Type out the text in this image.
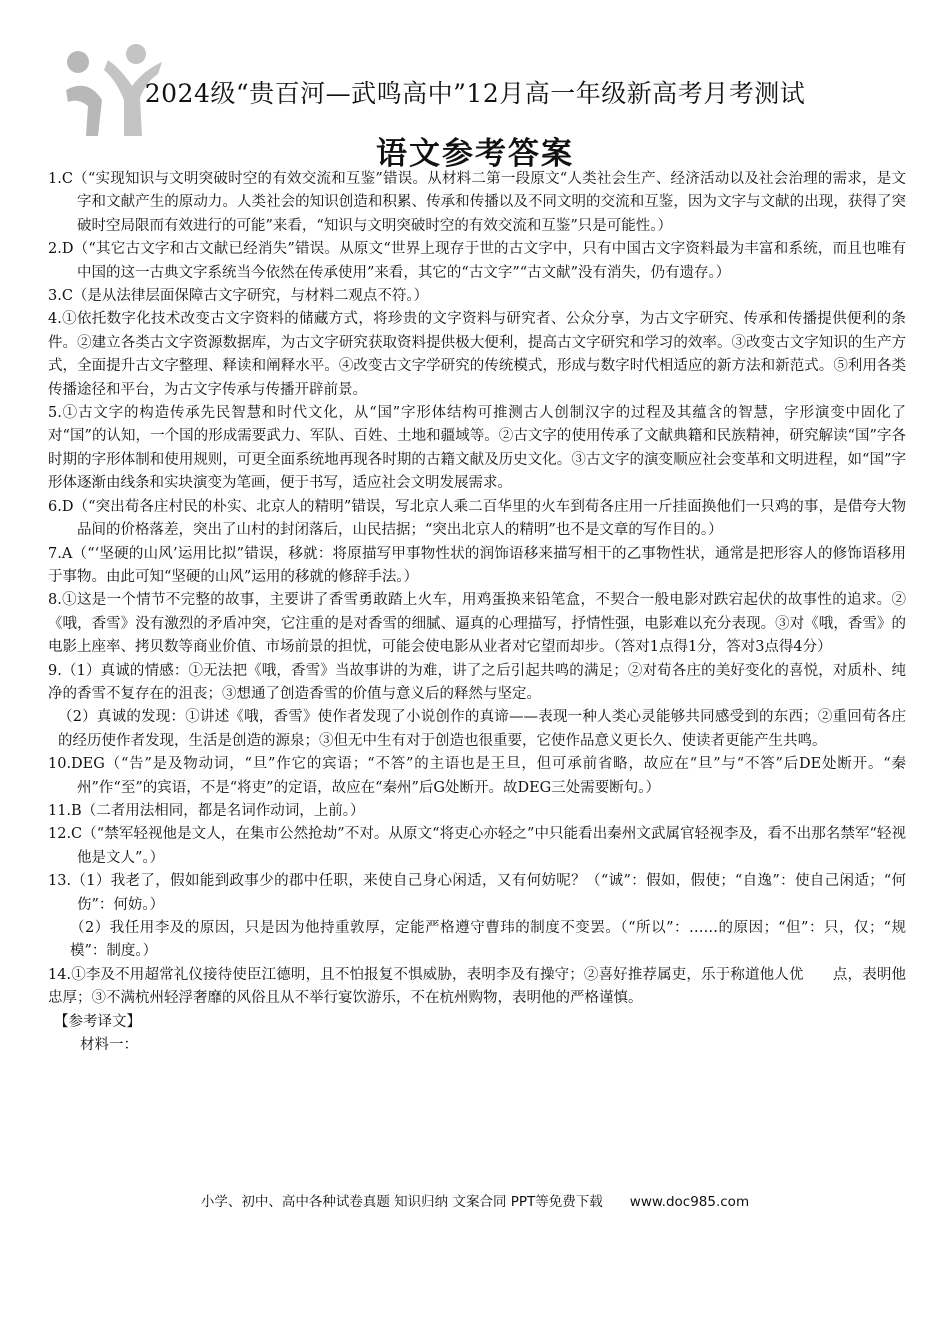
2024级“贵百河—武鸣高中”12月高一年级新高考月考测试
语文参考答案

1.C（“实现知识与文明突破时空的有效交流和互鉴”错误。从材料二第一段原文“人类社会生产、经济活动以及社会治理的需求，是文字和文献产生的原动力。人类社会的知识创造和积累、传承和传播以及不同文明的交流和互鉴，因为文字与文献的出现，获得了突破时空局限而有效进行的可能”来看，“知识与文明突破时空的有效交流和互鉴”只是可能性。）

2.D（“其它古文字和古文献已经消失”错误。从原文“世界上现存于世的古文字中，只有中国古文字资料最为丰富和系统，而且也唯有中国的这一古典文字系统当今依然在传承使用”来看，其它的“古文字”“古文献”没有消失，仍有遗存。）

3.C（是从法律层面保障古文字研究，与材料二观点不符。）

4.①依托数字化技术改变古文字资料的储藏方式，将珍贵的文字资料与研究者、公众分享，为古文字研究、传承和传播提供便利的条件。②建立各类古文字资源数据库，为古文字研究获取资料提供极大便利，提高古文字研究和学习的效率。③改变古文字知识的生产方式，全面提升古文字整理、释读和阐释水平。④改变古文字学研究的传统模式，形成与数字时代相适应的新方法和新范式。⑤利用各类传播途径和平台，为古文字传承与传播开辟前景。

5.①古文字的构造传承先民智慧和时代文化，从“国”字形体结构可推测古人创制汉字的过程及其蕴含的智慧，字形演变中固化了对“国”的认知，一个国的形成需要武力、军队、百姓、土地和疆域等。②古文字的使用传承了文献典籍和民族精神，研究解读“国”字各时期的字形体制和使用规则，可更全面系统地再现各时期的古籍文献及历史文化。③古文字的演变顺应社会变革和文明进程，如“国”字形体逐渐由线条和实块演变为笔画，便于书写，适应社会文明发展需求。

6.D（“突出荀各庄村民的朴实、北京人的精明”错误，写北京人乘二百华里的火车到荀各庄用一斤挂面换他们一只鸡的事，是借夸大物品间的价格落差，突出了山村的封闭落后，山民拮据；“突出北京人的精明”也不是文章的写作目的。）

7.A（“‘坚硬的山风’运用比拟”错误，移就：将原描写甲事物性状的润饰语移来描写相干的乙事物性状，通常是把形容人的修饰语移用于事物。由此可知“坚硬的山风”运用的移就的修辞手法。）

8.①这是一个情节不完整的故事，主要讲了香雪勇敢踏上火车，用鸡蛋换来铅笔盒，不契合一般电影对跌宕起伏的故事性的追求。②《哦，香雪》没有激烈的矛盾冲突，它注重的是对香雪的细腻、逼真的心理描写，抒情性强，电影难以充分表现。③对《哦，香雪》的电影上座率、拷贝数等商业价值、市场前景的担忧，可能会使电影从业者对它望而却步。（答对1点得1分，答对3点得4分）

9.（1）真诚的情感：①无法把《哦，香雪》当故事讲的为难，讲了之后引起共鸣的满足；②对荀各庄的美好变化的喜悦，对质朴、纯净的香雪不复存在的沮丧；③想通了创造香雪的价值与意义后的释然与坚定。

（2）真诚的发现：①讲述《哦，香雪》使作者发现了小说创作的真谛——表现一种人类心灵能够共同感受到的东西；②重回荀各庄的经历使作者发现，生活是创造的源泉；③但无中生有对于创造也很重要，它使作品意义更长久、使读者更能产生共鸣。

10.DEG（“告”是及物动词，“旦”作它的宾语；“不答”的主语也是王旦，但可承前省略，故应在“旦”与“不答”后DE处断开。“秦州”作“至”的宾语，不是“将吏”的定语，故应在“秦州”后G处断开。故DEG三处需要断句。）

11.B（二者用法相同，都是名词作动词，上前。）

12.C（“禁军轻视他是文人，在集市公然抢劫”不对。从原文“将吏心亦轻之”中只能看出秦州文武属官轻视李及，看不出那名禁军“轻视他是文人”。）

13.（1）我老了，假如能到政事少的郡中任职，来使自己身心闲适，又有何妨呢？（“诚”：假如，假使；“自逸”：使自己闲适；“何伤”：何妨。）

（2）我任用李及的原因，只是因为他持重敦厚，定能严格遵守曹玮的制度不变罢。（“所以”：……的原因；“但”：只，仅；“规模”：制度。）

14.①李及不用超常礼仪接待使臣江德明，且不怕报复不惧威胁，表明李及有操守；②喜好推荐属吏，乐于称道他人优　　点，表明他忠厚；③不满杭州轻浮奢靡的风俗且从不举行宴饮游乐，不在杭州购物，表明他的严格谨慎。

【参考译文】

材料一：

小学、初中、高中各种试卷真题 知识归纳 文案合同 PPT等免费下载　　www.doc985.com
